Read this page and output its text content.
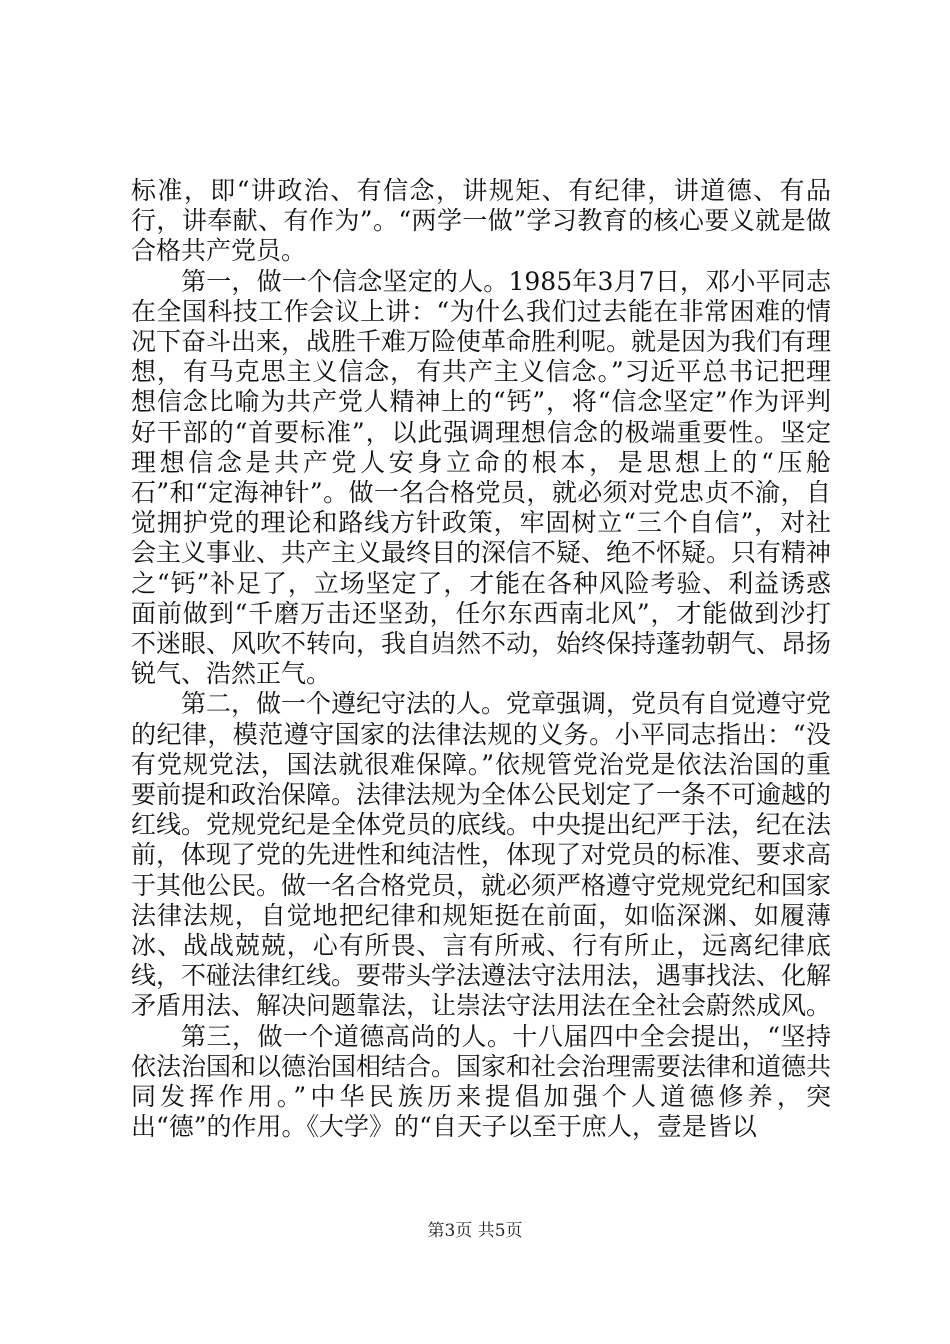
标准，即“讲政治、有信念，讲规矩、有纪律，讲道德、有品行，讲奉献、有作为”。“两学一做”学习教育的核心要义就是做合格共产党员。

第一，做一个信念坚定的人。1985年3月7日，邓小平同志在全国科技工作会议上讲：“为什么我们过去能在非常困难的情况下奋斗出来，战胜千难万险使革命胜利呢。就是因为我们有理想，有马克思主义信念，有共产主义信念。”习近平总书记把理想信念比喻为共产党人精神上的“钙”，将“信念坚定”作为评判好干部的“首要标准”，以此强调理想信念的极端重要性。坚定理想信念是共产党人安身立命的根本，是思想上的“压舱石”和“定海神针”。做一名合格党员，就必须对党忠贞不渝，自觉拥护党的理论和路线方针政策，牢固树立“三个自信”，对社会主义事业、共产主义最终目的深信不疑、绝不怀疑。只有精神之“钙”补足了，立场坚定了，才能在各种风险考验、利益诱惑面前做到“千磨万击还坚劲，任尔东西南北风”，才能做到沙打不迷眼、风吹不转向，我自岿然不动，始终保持蓬勃朝气、昂扬锐气、浩然正气。

第二，做一个遵纪守法的人。党章强调，党员有自觉遵守党的纪律，模范遵守国家的法律法规的义务。小平同志指出：“没有党规党法，国法就很难保障。”依规管党治党是依法治国的重要前提和政治保障。法律法规为全体公民划定了一条不可逾越的红线。党规党纪是全体党员的底线。中央提出纪严于法，纪在法前，体现了党的先进性和纯洁性，体现了对党员的标准、要求高于其他公民。做一名合格党员，就必须严格遵守党规党纪和国家法律法规，自觉地把纪律和规矩挺在前面，如临深渊、如履薄冰、战战兢兢，心有所畏、言有所戒、行有所止，远离纪律底线，不碰法律红线。要带头学法遵法守法用法，遇事找法、化解矛盾用法、解决问题靠法，让崇法守法用法在全社会蔚然成风。

第三，做一个道德高尚的人。十八届四中全会提出，“坚持依法治国和以德治国相结合。国家和社会治理需要法律和道德共同发挥作用。”中华民族历来提倡加强个人道德修养，突出“德”的作用。《大学》的“自天子以至于庶人，壹是皆以

第3页 共5页
